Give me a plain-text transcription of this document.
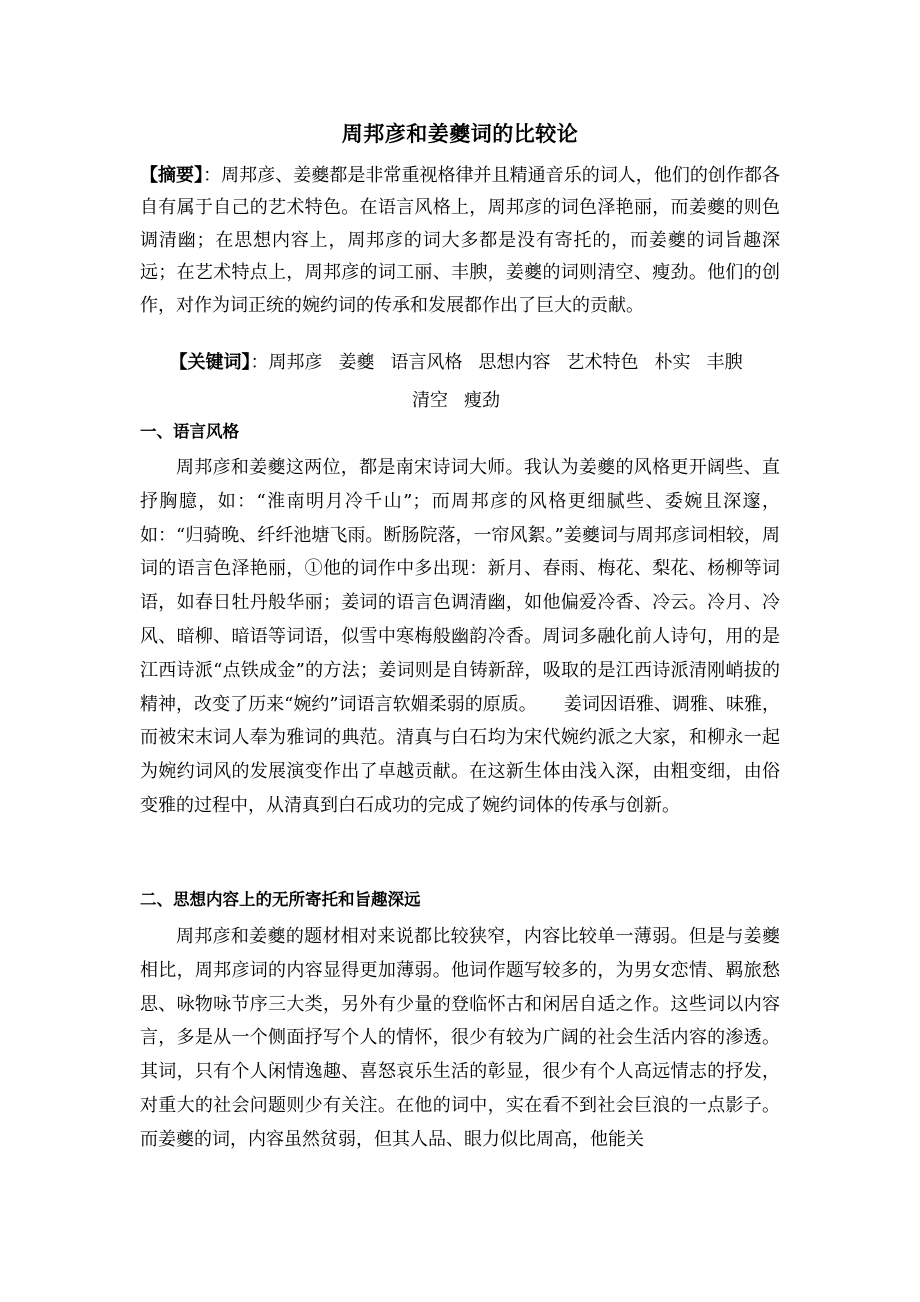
周邦彦和姜夔词的比较论
【摘要】：周邦彦、姜夔都是非常重视格律并且精通音乐的词人，他们的创作都各自有属于自己的艺术特色。在语言风格上，周邦彦的词色泽艳丽，而姜夔的则色调清幽；在思想内容上，周邦彦的词大多都是没有寄托的，而姜夔的词旨趣深远；在艺术特点上，周邦彦的词工丽、丰腴，姜夔的词则清空、瘦劲。他们的创作，对作为词正统的婉约词的传承和发展都作出了巨大的贡献。
【关键词】：周邦彦 姜夔 语言风格 思想内容 艺术特色 朴实 丰腴
清空 瘦劲
一、语言风格
周邦彦和姜夔这两位，都是南宋诗词大师。我认为姜夔的风格更开阔些、直抒胸臆，如：“淮南明月冷千山”；而周邦彦的风格更细腻些、委婉且深邃，如：“归骑晚、纤纤池塘飞雨。断肠院落，一帘风絮。”姜夔词与周邦彦词相较，周词的语言色泽艳丽，①他的词作中多出现：新月、春雨、梅花、梨花、杨柳等词语，如春日牡丹般华丽；姜词的语言色调清幽，如他偏爱冷香、冷云。冷月、冷风、暗柳、暗语等词语，似雪中寒梅般幽韵冷香。周词多融化前人诗句，用的是江西诗派“点铁成金”的方法；姜词则是自铸新辞，吸取的是江西诗派清刚峭拔的精神，改变了历来“婉约”词语言软媚柔弱的原质。　　姜词因语雅、调雅、味雅，而被宋末词人奉为雅词的典范。清真与白石均为宋代婉约派之大家，和柳永一起为婉约词风的发展演变作出了卓越贡献。在这新生体由浅入深，由粗变细，由俗变雅的过程中，从清真到白石成功的完成了婉约词体的传承与创新。
二、思想内容上的无所寄托和旨趣深远
周邦彦和姜夔的题材相对来说都比较狭窄，内容比较单一薄弱。但是与姜夔相比，周邦彦词的内容显得更加薄弱。他词作题写较多的，为男女恋情、羁旅愁思、咏物咏节序三大类，另外有少量的登临怀古和闲居自适之作。这些词以内容言，多是从一个侧面抒写个人的情怀，很少有较为广阔的社会生活内容的渗透。其词，只有个人闲情逸趣、喜怒哀乐生活的彰显，很少有个人高远情志的抒发，对重大的社会问题则少有关注。在他的词中，实在看不到社会巨浪的一点影子。而姜夔的词，内容虽然贫弱，但其人品、眼力似比周高，他能关
